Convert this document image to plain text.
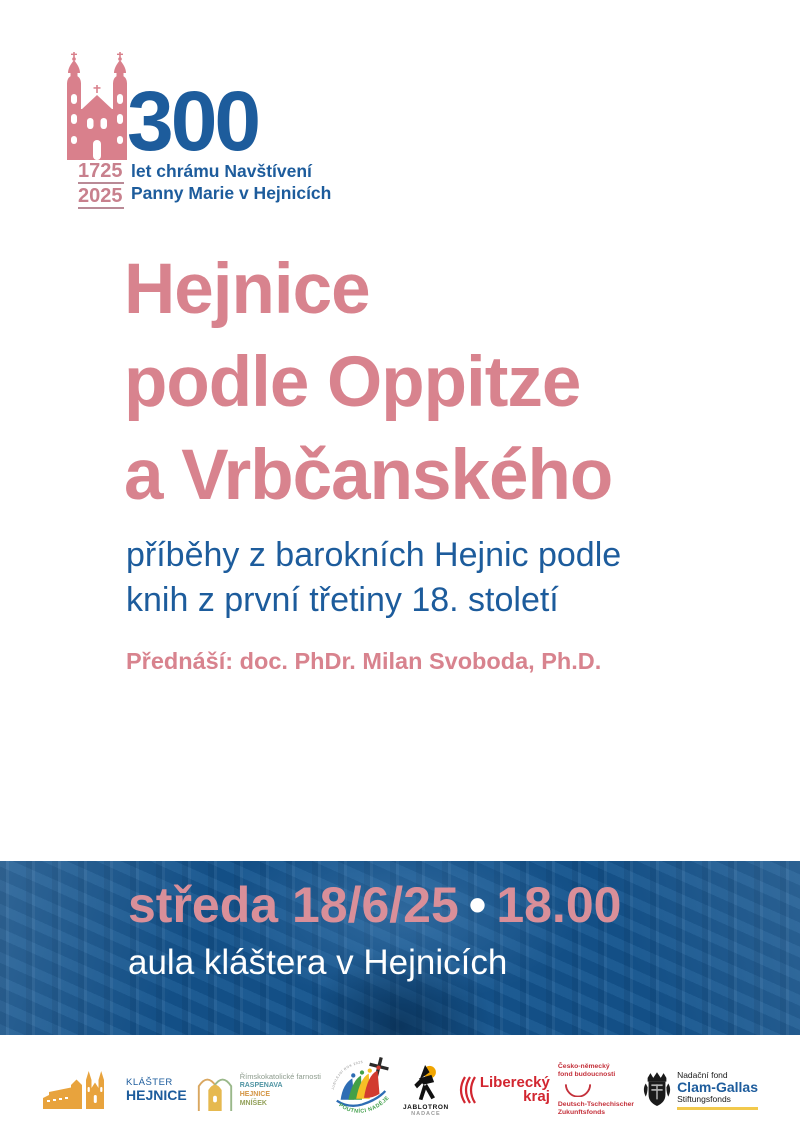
300
1725
2025
let chrámu Navštívení
Panny Marie v Hejnicích
Hejnice
podle Oppitze
a Vrbčanského
příběhy z barokních Hejnic podle
knih z první třetiny 18. století
Přednáší: doc. PhDr. Milan Svoboda, Ph.D.
středa 18/6/25 • 18.00
aula kláštera v Hejnicích
KLÁŠTER
HEJNICE
Římskokatolické farnosti
RASPENAVA
HEJNICE
MNÍŠEK
JUBILEJNÍ ROK 2025
POUTNÍCI NADĚJE
JABLOTRON
NADACE
Liberecký
kraj
Česko-německý
fond budoucnosti
Deutsch-Tschechischer
Zukunftsfonds
Nadační fond
Clam-Gallas
Stiftungsfonds
